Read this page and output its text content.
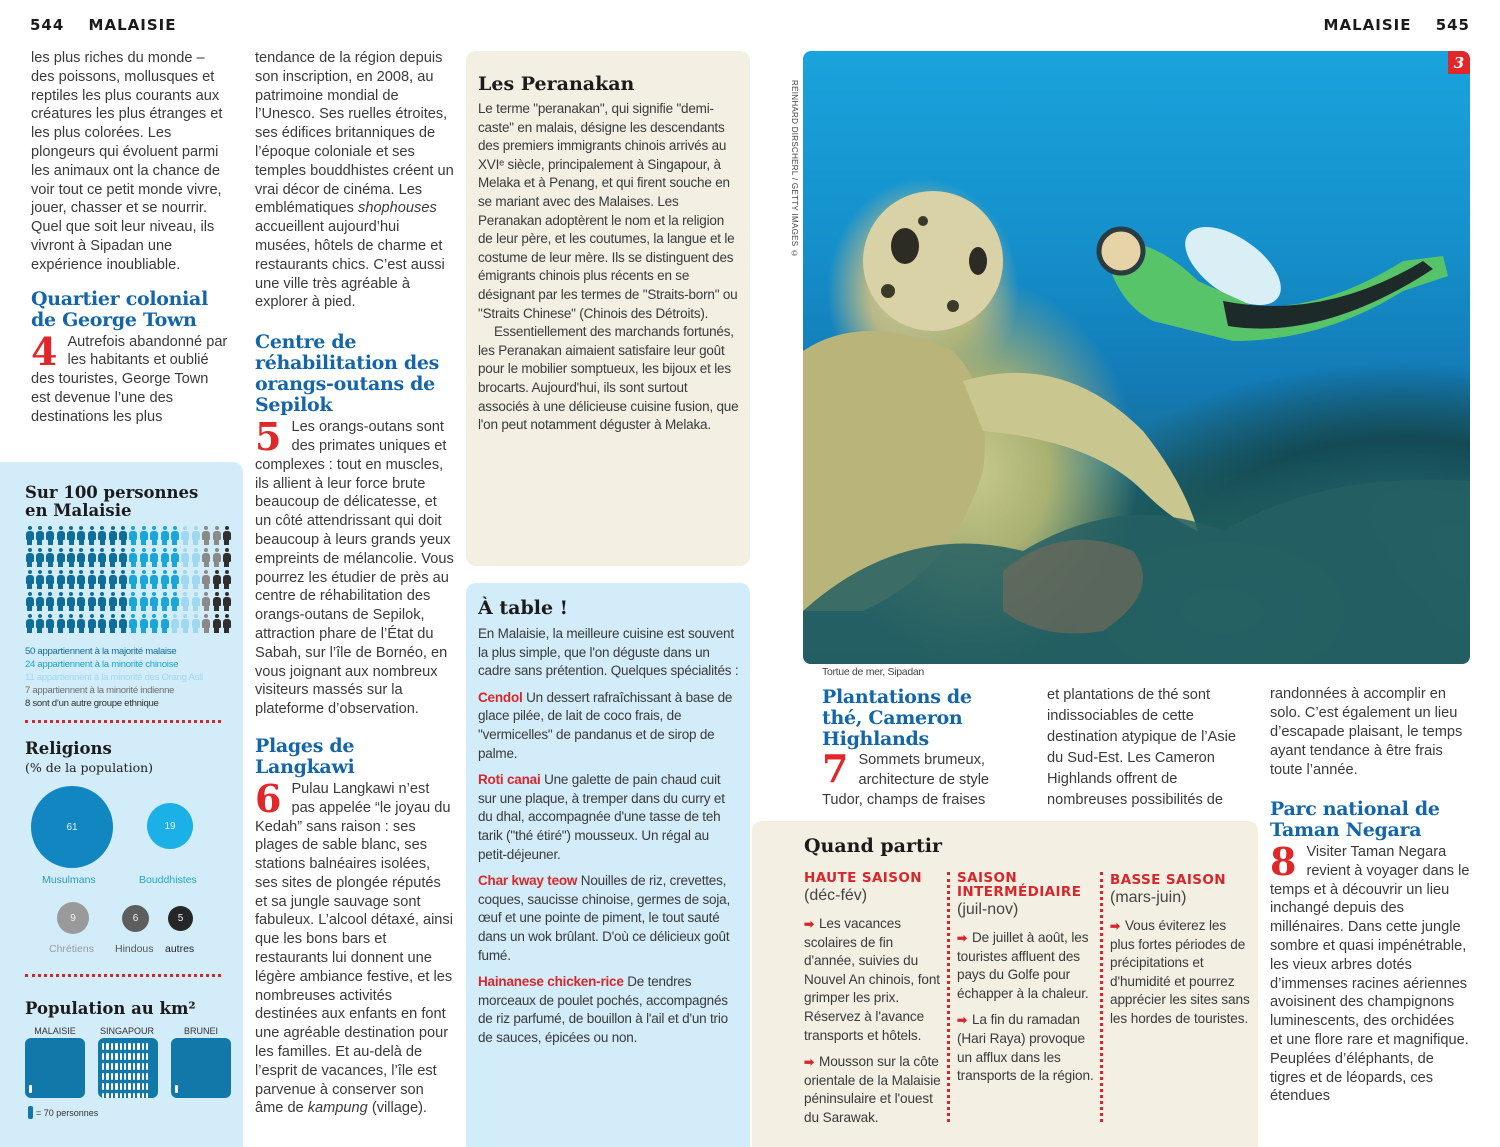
544 MALAISIE	MALAISIE 545

les plus riches du monde – des poissons, mollusques et reptiles les plus courants aux créatures les plus étranges et les plus colorées. Les plongeurs qui évoluent parmi les animaux ont la chance de voir tout ce petit monde vivre, jouer, chasser et se nourrir. Quel que soit leur niveau, ils vivront à Sipadan une expérience inoubliable.

Quartier colonial de George Town
4 Autrefois abandonné par les habitants et oublié des touristes, George Town est devenue l’une des destinations les plus

Sur 100 personnes en Malaisie
50 appartiennent à la majorité malaise
24 appartiennent à la minorité chinoise
11 appartiennent à la minorité des Orang Asli
7 appartiennent à la minorité indienne
8 sont d’un autre groupe ethnique
Religions
(% de la population)
61
Musulmans
19
Bouddhistes
9
Chrétiens
6
Hindous
5
autres
Population au km²
MALAISIE	SINGAPOUR	BRUNEI
= 70 personnes

tendance de la région depuis son inscription, en 2008, au patrimoine mondial de l’Unesco. Ses ruelles étroites, ses édifices britanniques de l’époque coloniale et ses temples bouddhistes créent un vrai décor de cinéma. Les emblématiques shophouses accueillent aujourd’hui musées, hôtels de charme et restaurants chics. C’est aussi une ville très agréable à explorer à pied.

Centre de réhabilitation des orangs-outans de Sepilok
5 Les orangs-outans sont des primates uniques et complexes : tout en muscles, ils allient à leur force brute beaucoup de délicatesse, et un côté attendrissant qui doit beaucoup à leurs grands yeux empreints de mélancolie. Vous pourrez les étudier de près au centre de réhabilitation des orangs-outans de Sepilok, attraction phare de l’État du Sabah, sur l’île de Bornéo, en vous joignant aux nombreux visiteurs massés sur la plateforme d’observation.

Plages de Langkawi
6 Pulau Langkawi n’est pas appelée “le joyau du Kedah” sans raison : ses plages de sable blanc, ses stations balnéaires isolées, ses sites de plongée réputés et sa jungle sauvage sont fabuleux. L’alcool détaxé, ainsi que les bons bars et restaurants lui donnent une légère ambiance festive, et les nombreuses activités destinées aux enfants en font une agréable destination pour les familles. Et au-delà de l’esprit de vacances, l’île est parvenue à conserver son âme de kampung (village).

Les Peranakan

Le terme "peranakan", qui signifie "demi-caste" en malais, désigne les descendants des premiers immigrants chinois arrivés au XVIᵉ siècle, principalement à Singapour, à Melaka et à Penang, et qui firent souche en se mariant avec des Malaises. Les Peranakan adoptèrent le nom et la religion de leur père, et les coutumes, la langue et le costume de leur mère. Ils se distinguent des émigrants chinois plus récents en se désignant par les termes de "Straits-born" ou "Straits Chinese" (Chinois des Détroits).

Essentiellement des marchands fortunés, les Peranakan aimaient satisfaire leur goût pour le mobilier somptueux, les bijoux et les brocarts. Aujourd'hui, ils sont surtout associés à une délicieuse cuisine fusion, que l'on peut notamment déguster à Melaka.

À table !

En Malaisie, la meilleure cuisine est souvent la plus simple, que l'on déguste dans un cadre sans prétention. Quelques spécialités :

Cendol Un dessert rafraîchissant à base de glace pilée, de lait de coco frais, de "vermicelles" de pandanus et de sirop de palme.

Roti canai Une galette de pain chaud cuit sur une plaque, à tremper dans du curry et du dhal, accompagnée d'une tasse de teh tarik ("thé étiré") mousseux. Un régal au petit-déjeuner.

Char kway teow Nouilles de riz, crevettes, coques, saucisse chinoise, germes de soja, œuf et une pointe de piment, le tout sauté dans un wok brûlant. D'où ce délicieux goût fumé.

Hainanese chicken-rice De tendres morceaux de poulet pochés, accompagnés de riz parfumé, de bouillon à l'ail et d'un trio de sauces, épicées ou non.

REINHARD DIRSCHERL / GETTY IMAGES ©
3
Tortue de mer, Sipadan
Plantations de thé, Cameron Highlands
7 Sommets brumeux, architecture de style Tudor, champs de fraises

et plantations de thé sont indissociables de cette destination atypique de l’Asie du Sud-Est. Les Cameron Highlands offrent de nombreuses possibilités de

randonnées à accomplir en solo. C’est également un lieu d’escapade plaisant, le temps ayant tendance à être frais toute l’année.

Parc national de Taman Negara
8 Visiter Taman Negara revient à voyager dans le temps et à découvrir un lieu inchangé depuis des millénaires. Dans cette jungle sombre et quasi impénétrable, les vieux arbres dotés d’immenses racines aériennes avoisinent des champignons luminescents, des orchidées et une flore rare et magnifique. Peuplées d’éléphants, de tigres et de léopards, ces étendues

Quand partir
HAUTE SAISON
(déc-fév)
➡ Les vacances scolaires de fin d'année, suivies du Nouvel An chinois, font grimper les prix. Réservez à l'avance transports et hôtels.
➡ Mousson sur la côte orientale de la Malaisie péninsulaire et l'ouest du Sarawak.
SAISON INTERMÉDIAIRE
(juil-nov)
➡ De juillet à août, les touristes affluent des pays du Golfe pour échapper à la chaleur.
➡ La fin du ramadan (Hari Raya) provoque un afflux dans les transports de la région.
BASSE SAISON
(mars-juin)
➡ Vous éviterez les plus fortes périodes de précipitations et d'humidité et pourrez apprécier les sites sans les hordes de touristes.
